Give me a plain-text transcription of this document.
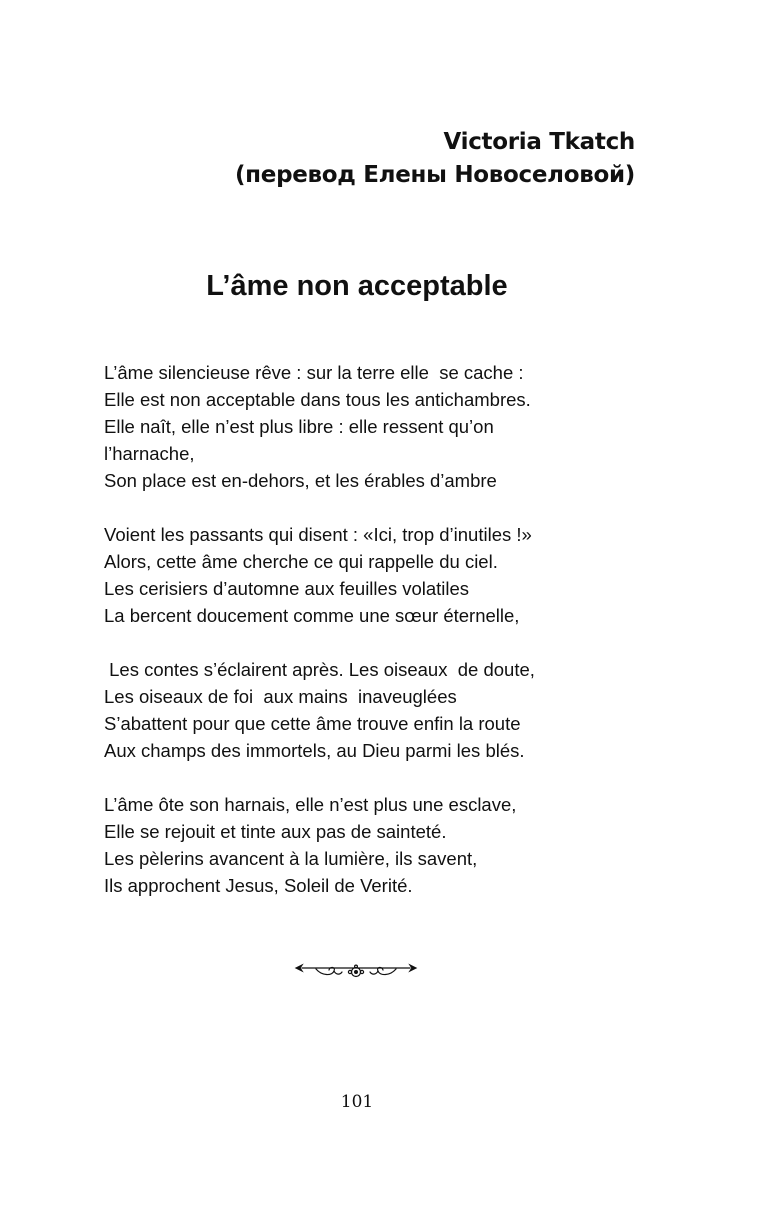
Victoria Tkatch
(перевод Елены Новоселовой)
L’âme non acceptable
L’âme silencieuse rêve : sur la terre elle  se cache :
Elle est non acceptable dans tous les antichambres.
Elle naît, elle n’est plus libre : elle ressent qu’on
l’harnache,
Son place est en-dehors, et les érables d’ambre
Voient les passants qui disent : «Ici, trop d’inutiles !»
Alors, cette âme cherche ce qui rappelle du ciel.
Les cerisiers d’automne aux feuilles volatiles
La bercent doucement comme une sœur éternelle,
Les contes s’éclairent après. Les oiseaux  de doute,
Les oiseaux de foi  aux mains  inaveuglées
S’abattent pour que cette âme trouve enfin la route
Aux champs des immortels, au Dieu parmi les blés.
L’âme ôte son harnais, elle n’est plus une esclave,
Elle se rejouit et tinte aux pas de sainteté.
Les pèlerins avancent à la lumière, ils savent,
Ils approchent Jesus, Soleil de Verité.
101
